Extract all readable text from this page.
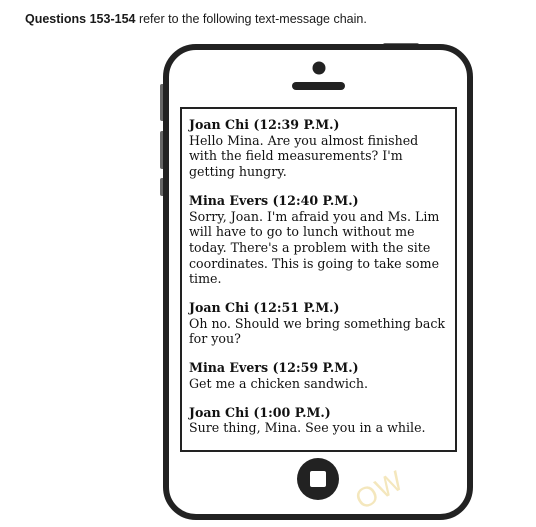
Questions 153-154 refer to the following text-message chain.
Joan Chi (12:39 P.M.)
Hello Mina. Are you almost finished with the field measurements? I'm getting hungry.
Mina Evers (12:40 P.M.)
Sorry, Joan. I'm afraid you and Ms. Lim will have to go to lunch without me today. There's a problem with the site coordinates. This is going to take some time.
Joan Chi (12:51 P.M.)
Oh no. Should we bring something back for you?
Mina Evers (12:59 P.M.)
Get me a chicken sandwich.
Joan Chi (1:00 P.M.)
Sure thing, Mina. See you in a while.
OW
